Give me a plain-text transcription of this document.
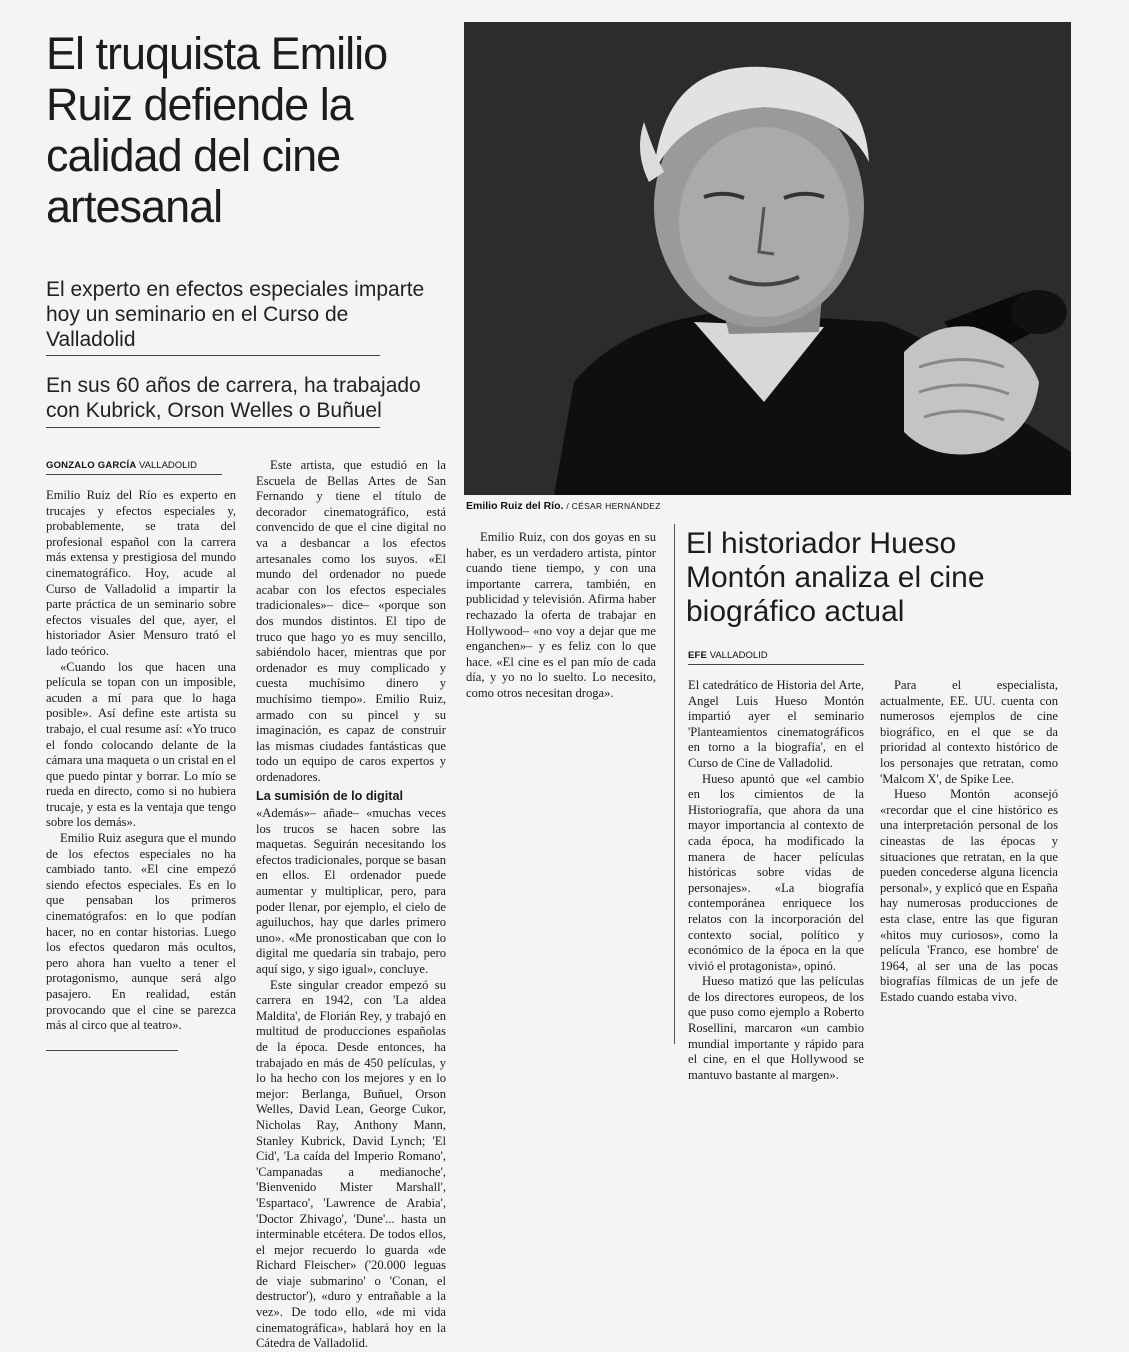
El truquista Emilio Ruiz defiende la calidad del cine artesanal
El experto en efectos especiales imparte hoy un seminario en el Curso de Valladolid
En sus 60 años de carrera, ha trabajado con Kubrick, Orson Welles o Buñuel
Emilio Ruiz del Río. / CÉSAR HERNÁNDEZ
GONZALO GARCÍA VALLADOLID

Emilio Ruiz del Río es experto en trucajes y efectos especiales y, probablemente, se trata del profesional español con la carrera más extensa y prestigiosa del mundo cinematográfico. Hoy, acude al Curso de Valladolid a impartir la parte práctica de un seminario sobre efectos visuales del que, ayer, el historiador Asier Mensuro trató el lado teórico.

«Cuando los que hacen una película se topan con un imposible, acuden a mí para que lo haga posible». Así define este artista su trabajo, el cual resume así: «Yo truco el fondo colocando delante de la cámara una maqueta o un cristal en el que puedo pintar y borrar. Lo mío se rueda en directo, como si no hubiera trucaje, y esta es la ventaja que tengo sobre los demás».

Emilio Ruiz asegura que el mundo de los efectos especiales no ha cambiado tanto. «El cine empezó siendo efectos especiales. Es en lo que pensaban los primeros cinematógrafos: en lo que podían hacer, no en contar historias. Luego los efectos quedaron más ocultos, pero ahora han vuelto a tener el protagonismo, aunque será algo pasajero. En realidad, están provocando que el cine se parezca más al circo que al teatro».

Este artista, que estudió en la Escuela de Bellas Artes de San Fernando y tiene el título de decorador cinematográfico, está convencido de que el cine digital no va a desbancar a los efectos artesanales como los suyos. «El mundo del ordenador no puede acabar con los efectos especiales tradicionales»– dice– «porque son dos mundos distintos. El tipo de truco que hago yo es muy sencillo, sabiéndolo hacer, mientras que por ordenador es muy complicado y cuesta muchísimo dinero y muchísimo tiempo». Emilio Ruiz, armado con su pincel y su imaginación, es capaz de construir las mismas ciudades fantásticas que todo un equipo de caros expertos y ordenadores.

La sumisión de lo digital

«Además»– añade– «muchas veces los trucos se hacen sobre las maquetas. Seguirán necesitando los efectos tradicionales, porque se basan en ellos. El ordenador puede aumentar y multiplicar, pero, para poder llenar, por ejemplo, el cielo de aguiluchos, hay que darles primero uno». «Me pronosticaban que con lo digital me quedaría sin trabajo, pero aquí sigo, y sigo igual», concluye.

Este singular creador empezó su carrera en 1942, con 'La aldea Maldita', de Florián Rey, y trabajó en multitud de producciones españolas de la época. Desde entonces, ha trabajado en más de 450 películas, y lo ha hecho con los mejores y en lo mejor: Berlanga, Buñuel, Orson Welles, David Lean, George Cukor, Nicholas Ray, Anthony Mann, Stanley Kubrick, David Lynch; 'El Cid', 'La caída del Imperio Romano', 'Campanadas a medianoche', 'Bienvenido Mister Marshall', 'Espartaco', 'Lawrence de Arabia', 'Doctor Zhivago', 'Dune'... hasta un interminable etcétera. De todos ellos, el mejor recuerdo lo guarda «de Richard Fleischer» ('20.000 leguas de viaje submarino' o 'Conan, el destructor'), «duro y entrañable a la vez». De todo ello, «de mi vida cinematográfica», hablará hoy en la Cátedra de Valladolid.

Emilio Ruiz, con dos goyas en su haber, es un verdadero artista, pintor cuando tiene tiempo, y con una importante carrera, también, en publicidad y televisión. Afirma haber rechazado la oferta de trabajar en Hollywood– «no voy a dejar que me enganchen»– y es feliz con lo que hace. «El cine es el pan mío de cada día, y yo no lo suelto. Lo necesito, como otros necesitan droga».

El historiador Hueso Montón analiza el cine biográfico actual
EFE VALLADOLID

El catedrático de Historia del Arte, Angel Luis Hueso Montón impartió ayer el seminario 'Planteamientos cinematográficos en torno a la biografía', en el Curso de Cine de Valladolid.

Hueso apuntó que «el cambio en los cimientos de la Historiografía, que ahora da una mayor importancia al contexto de cada época, ha modificado la manera de hacer películas históricas sobre vidas de personajes». «La biografía contemporánea enriquece los relatos con la incorporación del contexto social, político y económico de la época en la que vivió el protagonista», opinó.

Hueso matizó que las películas de los directores europeos, de los que puso como ejemplo a Roberto Rosellini, marcaron «un cambio mundial importante y rápido para el cine, en el que Hollywood se mantuvo bastante al margen».

Para el especialista, actualmente, EE. UU. cuenta con numerosos ejemplos de cine biográfico, en el que se da prioridad al contexto histórico de los personajes que retratan, como 'Malcom X', de Spike Lee.

Hueso Montón aconsejó «recordar que el cine histórico es una interpretación personal de los cineastas de las épocas y situaciones que retratan, en la que pueden concederse alguna licencia personal», y explicó que en España hay numerosas producciones de esta clase, entre las que figuran «hitos muy curiosos», como la película 'Franco, ese hombre' de 1964, al ser una de las pocas biografías fílmicas de un jefe de Estado cuando estaba vivo.
